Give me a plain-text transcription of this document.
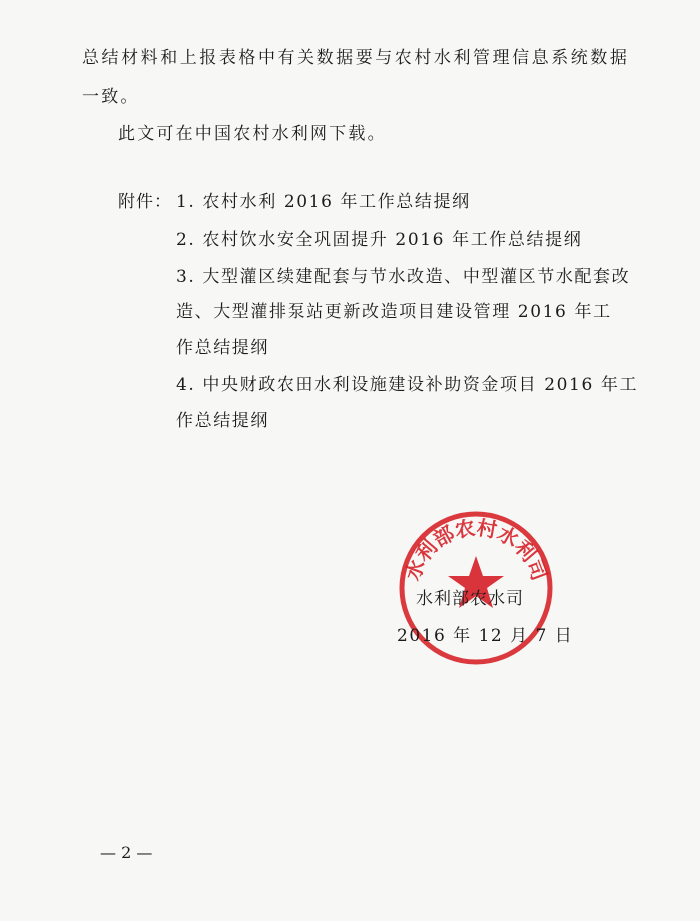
总结材料和上报表格中有关数据要与农村水利管理信息系统数据
一致。
此文可在中国农村水利网下载。
附件： 1. 农村水利 2016 年工作总结提纲
2. 农村饮水安全巩固提升 2016 年工作总结提纲
3. 大型灌区续建配套与节水改造、中型灌区节水配套改
造、大型灌排泵站更新改造项目建设管理 2016 年工
作总结提纲
4. 中央财政农田水利设施建设补助资金项目 2016 年工
作总结提纲
水利部农村水利司
水利部农水司
2016 年 12 月 7 日
— 2 —
